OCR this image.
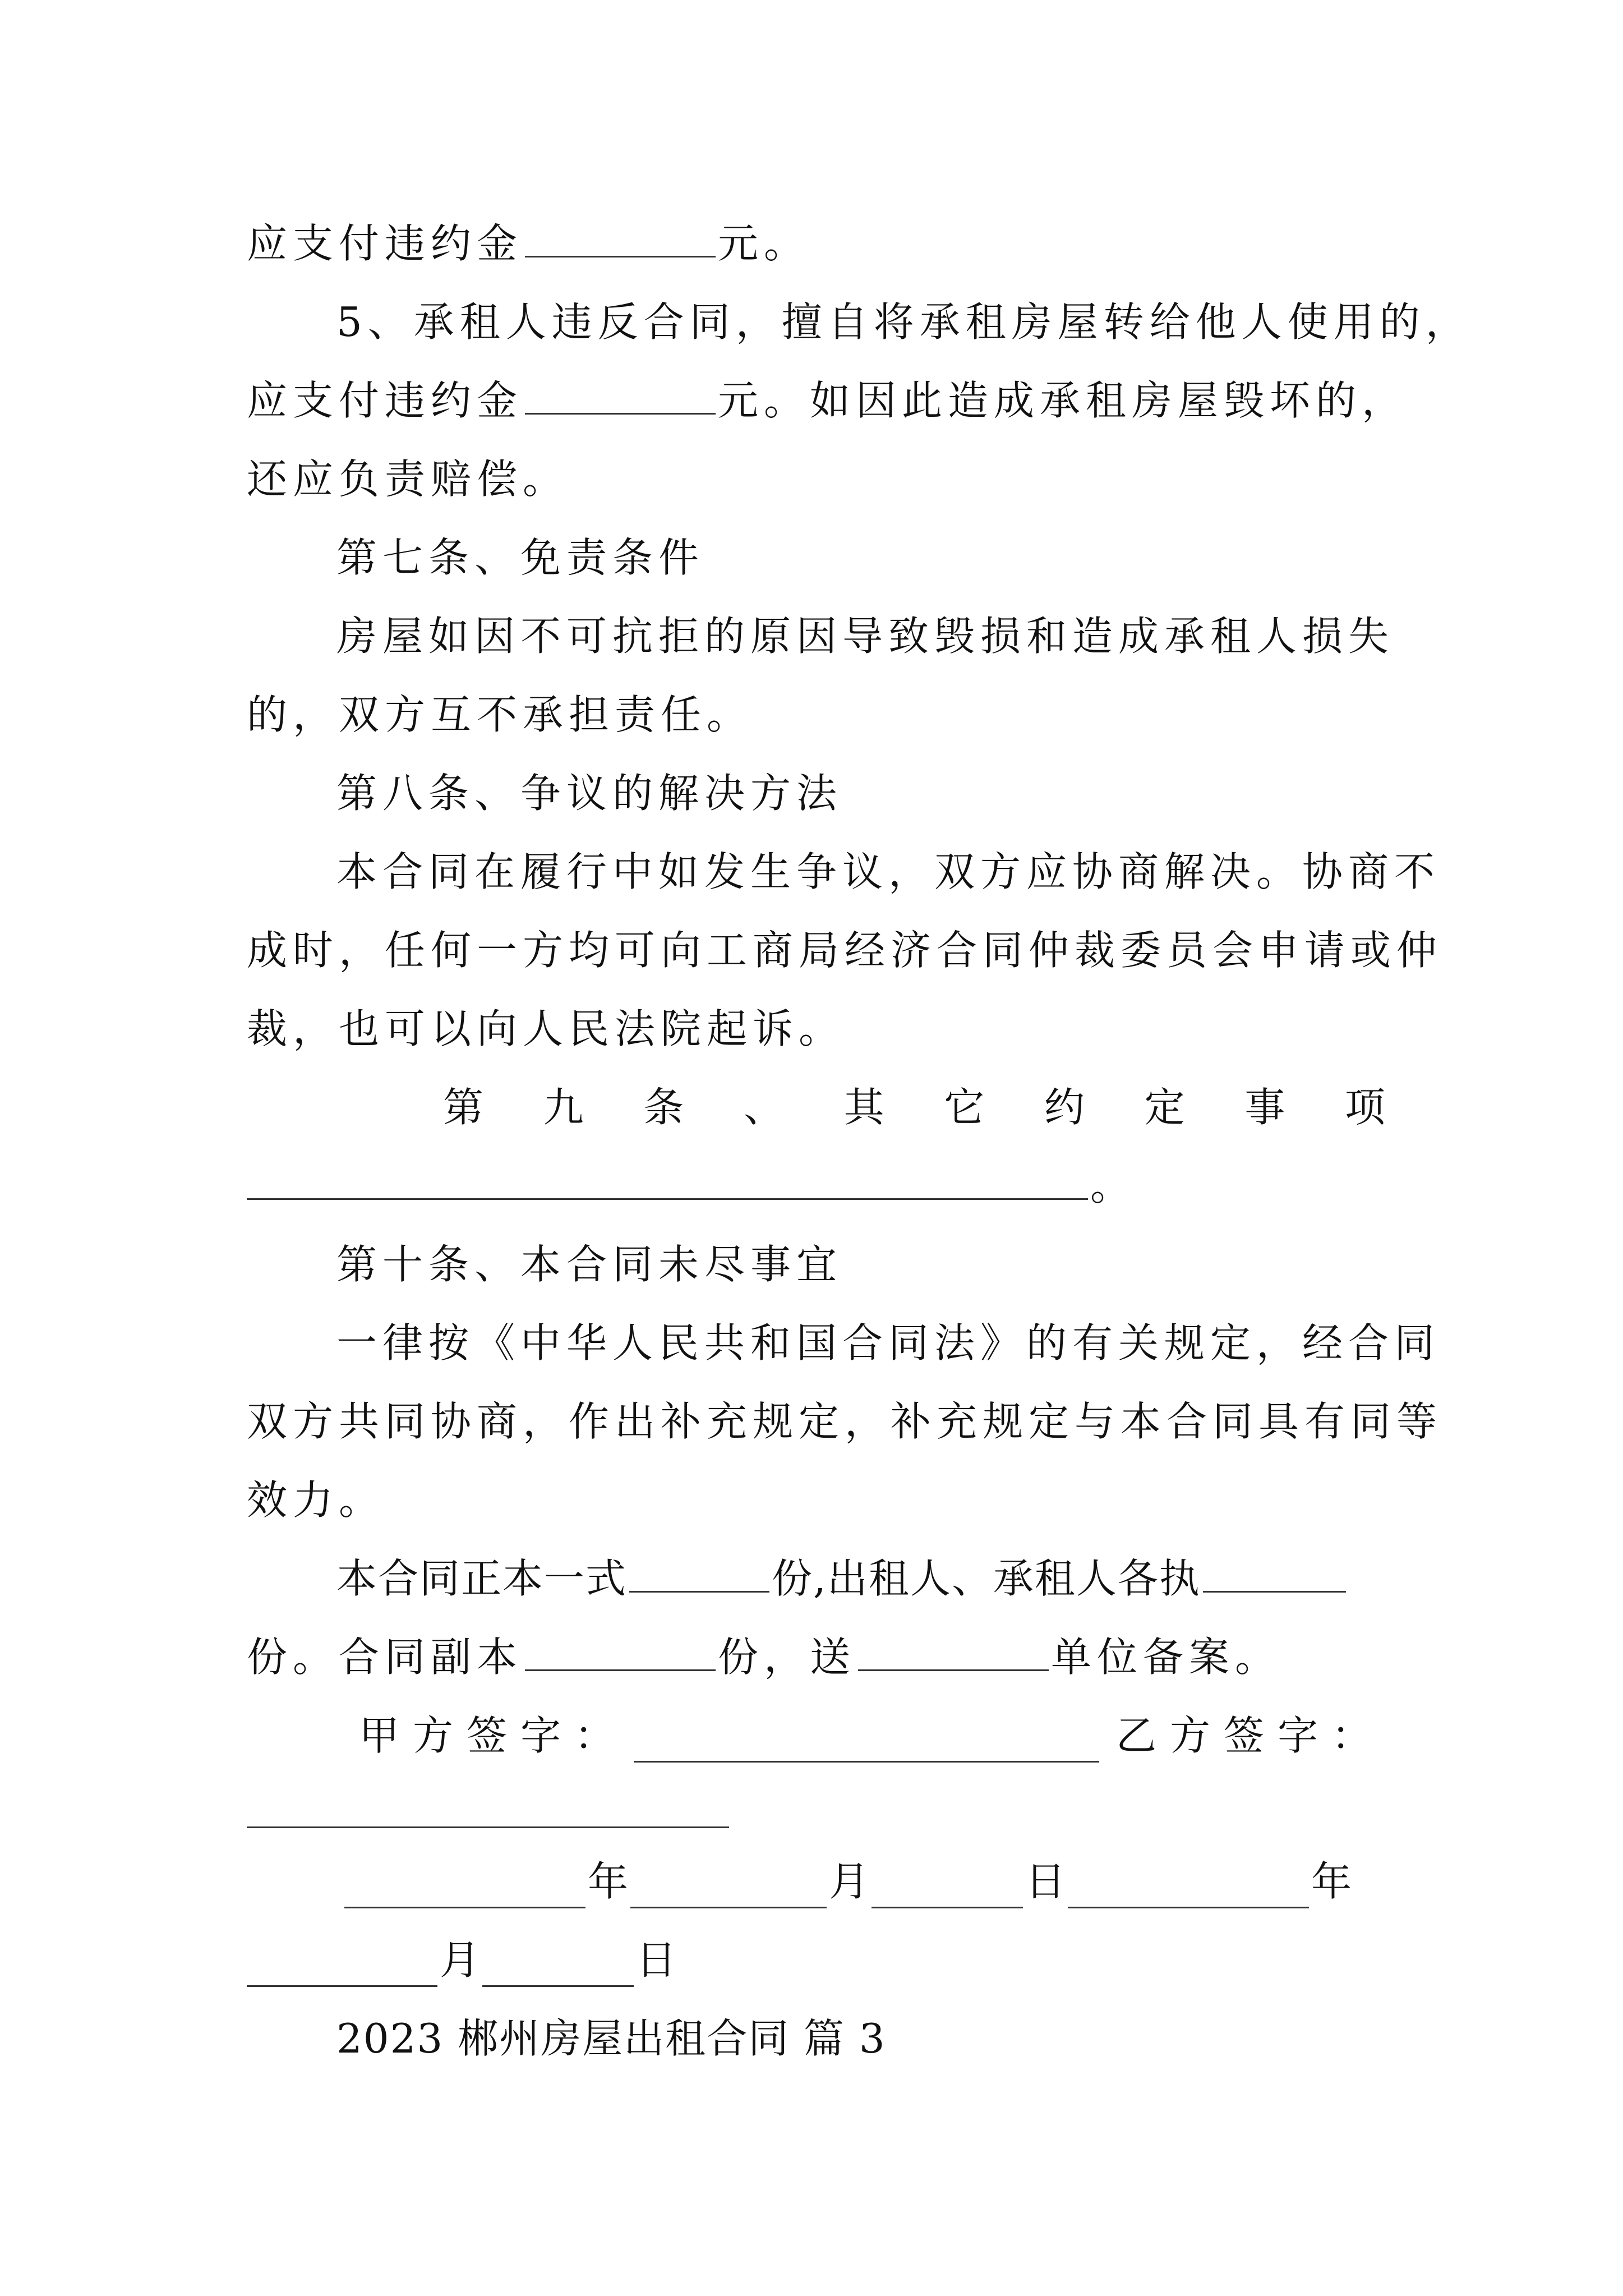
应支付违约金	元。
5、承租人违反合同，擅自将承租房屋转给他人使用的，
应支付违约金	元。如因此造成承租房屋毁坏的，
还应负责赔偿。
第七条、免责条件
房屋如因不可抗拒的原因导致毁损和造成承租人损失
的，双方互不承担责任。
第八条、争议的解决方法
本合同在履行中如发生争议，双方应协商解决。协商不
成时，任何一方均可向工商局经济合同仲裁委员会申请或仲
裁，也可以向人民法院起诉。
第 九 条 、 其 它 约 定 事 项
。
第十条、本合同未尽事宜
一律按《中华人民共和国合同法》的有关规定，经合同
双方共同协商，作出补充规定，补充规定与本合同具有同等
效力。
本合同正本一式	份,出租人、承租人各执
份。合同副本	份，送	单位备案。
甲方签字：	乙方签字：
年	月	日	年
月	日
2023 郴州房屋出租合同 篇 3
